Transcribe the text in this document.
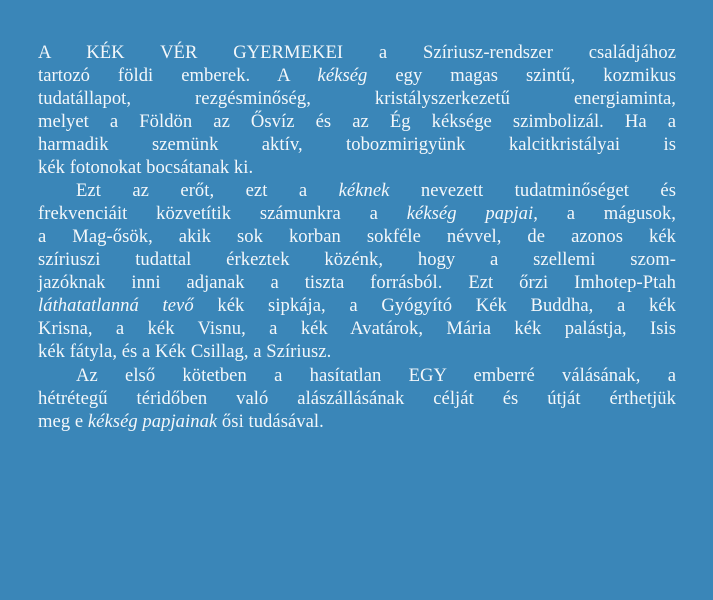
A KÉK VÉR GYERMEKEI a Szíriusz-rendszer családjához
tartozó földi emberek. A kékség egy magas szintű, kozmikus
tudatállapot, rezgésminőség, kristályszerkezetű energiaminta,
melyet a Földön az Ősvíz és az Ég kéksége szimbolizál. Ha a
harmadik szemünk aktív, tobozmirigyünk kalcitkristályai is
kék fotonokat bocsátanak ki.

Ezt az erőt, ezt a kéknek nevezett tudatminőséget és
frekvenciáit közvetítik számunkra a kékség papjai, a mágusok,
a Mag-ősök, akik sok korban sokféle névvel, de azonos kék
szíriuszi tudattal érkeztek közénk, hogy a szellemi szom-
jazóknak inni adjanak a tiszta forrásból. Ezt őrzi Imhotep-Ptah
láthatatlanná tevő kék sipkája, a Gyógyító Kék Buddha, a kék
Krisna, a kék Visnu, a kék Avatárok, Mária kék palástja, Isis
kék fátyla, és a Kék Csillag, a Szíriusz.

Az első kötetben a hasítatlan EGY emberré válásának, a
hétrétegű téridőben való alászállásának célját és útját érthetjük
meg e kékség papjainak ősi tudásával.
